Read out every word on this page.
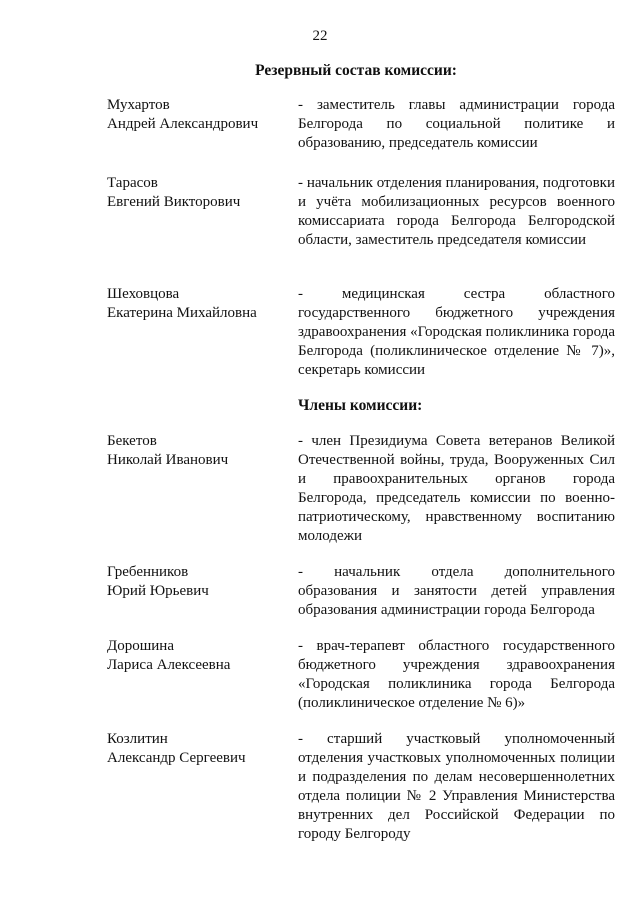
22
Резервный состав комиссии:
Мухартов
Андрей Александрович
- заместитель главы администрации города Белгорода по социальной политике и образованию, председатель комиссии
Тарасов
Евгений Викторович
- начальник отделения планирования, подготовки и учёта мобилизационных ресурсов военного комиссариата города Белгорода Белгородской области, заместитель председателя комиссии
Шеховцова
Екатерина Михайловна
- медицинская сестра областного государственного бюджетного учреждения здравоохранения «Городская поликлиника города Белгорода (поликлиническое отделение № 7)», секретарь комиссии
Члены комиссии:
Бекетов
Николай Иванович
- член Президиума Совета ветеранов Великой Отечественной войны, труда, Вооруженных Сил и правоохранительных органов города Белгорода, председатель комиссии по военно-патриотическому, нравственному воспитанию молодежи
Гребенников
Юрий Юрьевич
- начальник отдела дополнительного образования и занятости детей управления образования администрации города Белгорода
Дорошина
Лариса Алексеевна
- врач-терапевт областного государственного бюджетного учреждения здравоохранения «Городская поликлиника города Белгорода (поликлиническое отделение № 6)»
Козлитин
Александр Сергеевич
- старший участковый уполномоченный отделения участковых уполномоченных полиции и подразделения по делам несовершеннолетних отдела полиции № 2 Управления Министерства внутренних дел Российской Федерации по городу Белгороду
